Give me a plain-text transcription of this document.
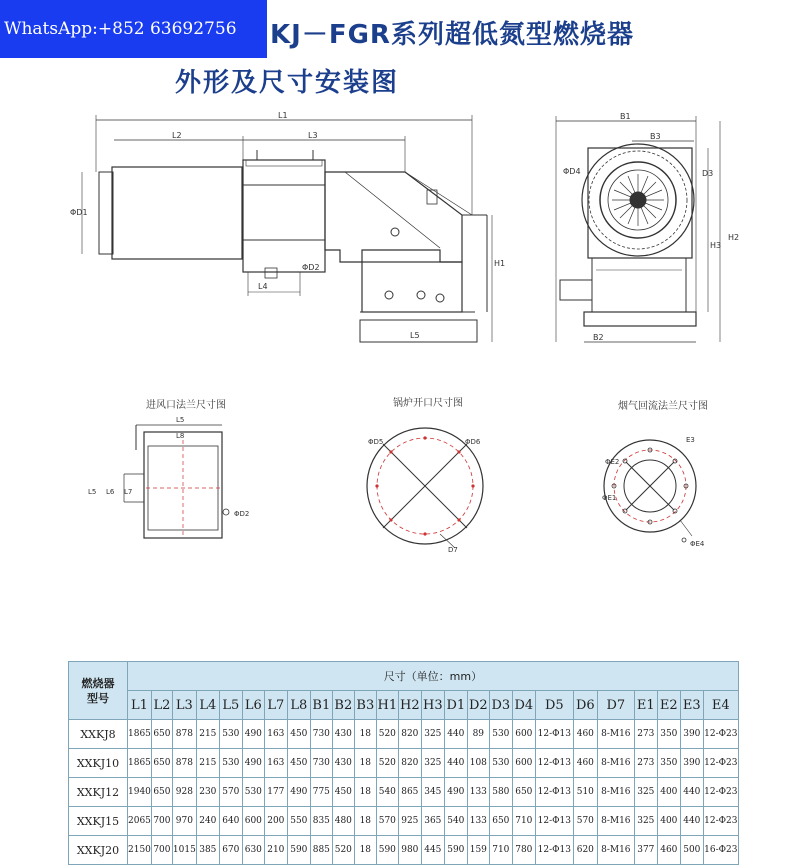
WhatsApp:+852 63692756	KJ－FGR系列超低氮型燃烧器
外形及尺寸安装图
L1
L2	L3
L4
L5
H1
ΦD1
ΦD2
B1
B3
B2
H2
H3
D3
ΦD4
L5
L8
L5 L6 L7
ΦD2
ΦD5	ΦD6
D7
ΦE2
ΦE1
E3
ΦE4
进风口法兰尺寸图	锅炉开口尺寸图	烟气回流法兰尺寸图
燃烧器
型号	尺寸（单位：mm）																								
	L1	L2	L3	L4	L5	L6	L7	L8	B1	B2	B3	H1	H2	H3	D1	D2	D3	D4	D5	D6	D7	E1	E2	E3	E4
XXKJ8	1865	650	878	215	530	490	163	450	730	430	18	520	820	325	440	89	530	600	12-Φ13	460	8-M16	273	350	390	12-Φ23
XXKJ10	1865	650	878	215	530	490	163	450	730	430	18	520	820	325	440	108	530	600	12-Φ13	460	8-M16	273	350	390	12-Φ23
XXKJ12	1940	650	928	230	570	530	177	490	775	450	18	540	865	345	490	133	580	650	12-Φ13	510	8-M16	325	400	440	12-Φ23
XXKJ15	2065	700	970	240	640	600	200	550	835	480	18	570	925	365	540	133	650	710	12-Φ13	570	8-M16	325	400	440	12-Φ23
XXKJ20	2150	700	1015	385	670	630	210	590	885	520	18	590	980	445	590	159	710	780	12-Φ13	620	8-M16	377	460	500	16-Φ23
